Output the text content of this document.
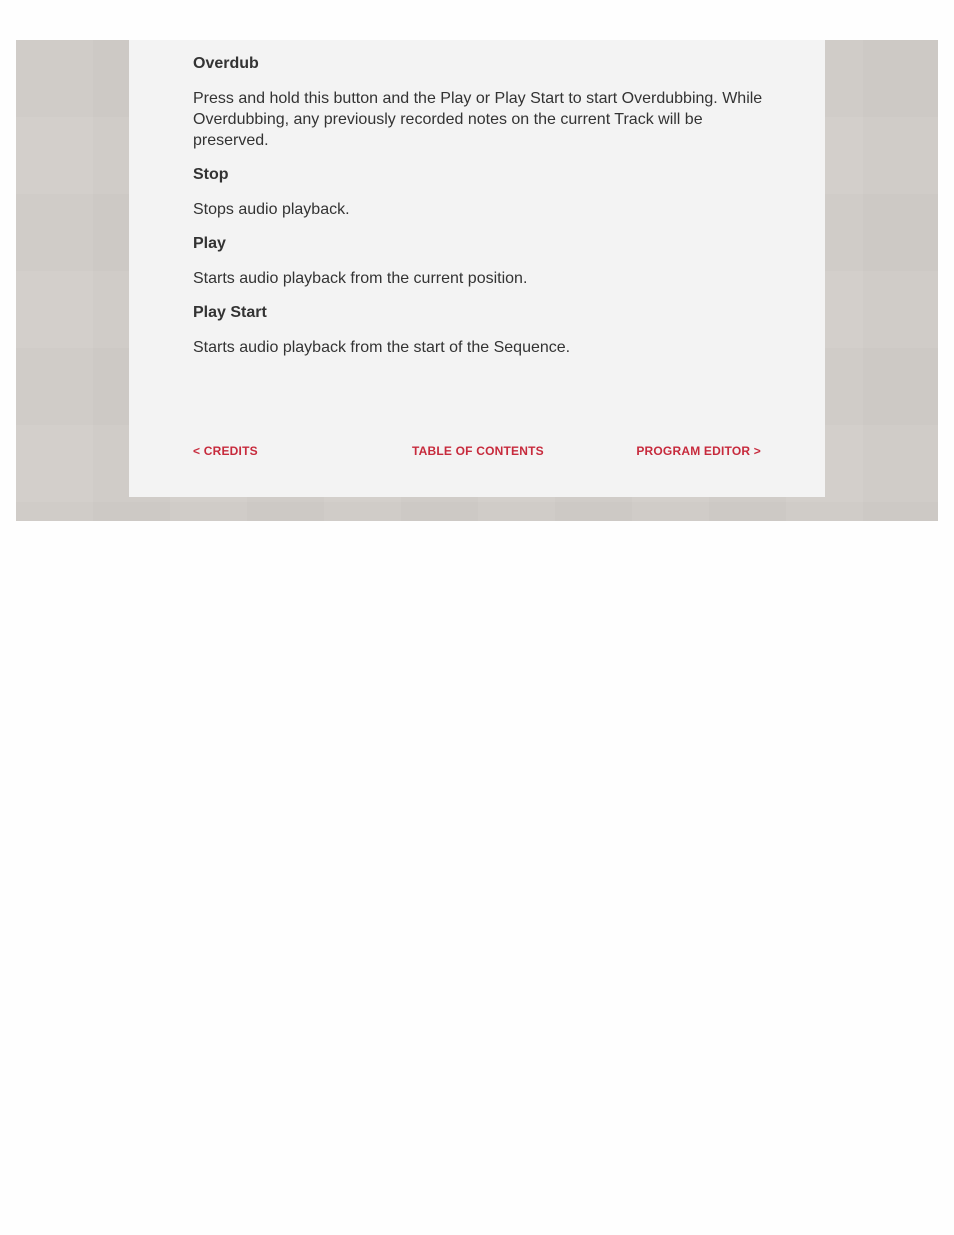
Overdub
Press and hold this button and the Play or Play Start to start Overdubbing. While Overdubbing, any previously recorded notes on the current Track will be preserved.
Stop
Stops audio playback.
Play
Starts audio playback from the current position.
Play Start
Starts audio playback from the start of the Sequence.
< CREDITS	TABLE OF CONTENTS	PROGRAM EDITOR >
